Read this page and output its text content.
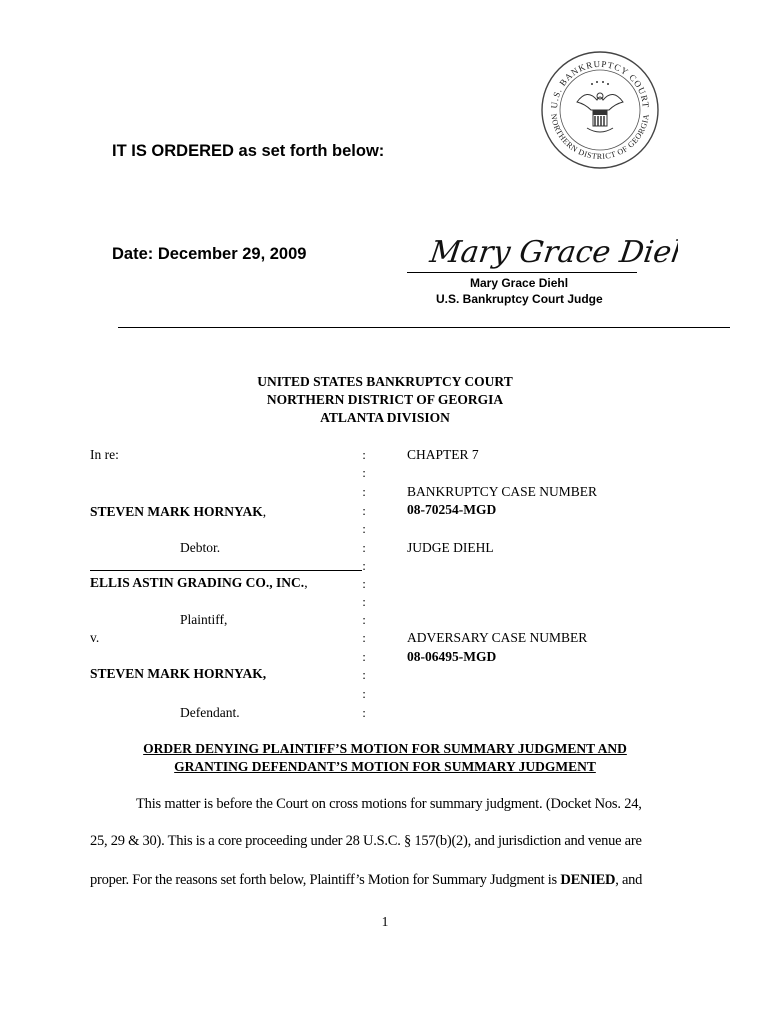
U.S. BANKRUPTCY COURT
NORTHERN DISTRICT OF GEORGIA
IT IS ORDERED as set forth below:
Date: December 29, 2009	Mary Grace Diehl
Mary Grace Diehl
U.S. Bankruptcy Court Judge
UNITED STATES BANKRUPTCY COURT
NORTHERN DISTRICT OF GEORGIA
ATLANTA DIVISION
In re:
STEVEN MARK HORNYAK,
Debtor.
ELLIS ASTIN GRADING CO., INC.,
Plaintiff,
v.
STEVEN MARK HORNYAK,
Defendant.
:
:
:
:
:
:
:
:
:
:
:
:
:
:
:
CHAPTER 7
BANKRUPTCY CASE NUMBER
08-70254-MGD
JUDGE DIEHL
ADVERSARY CASE NUMBER
08-06495-MGD
ORDER DENYING PLAINTIFF’S MOTION FOR SUMMARY JUDGMENT AND
GRANTING DEFENDANT’S MOTION FOR SUMMARY JUDGMENT
This matter is before the Court on cross motions for summary judgment. (Docket Nos. 24,
25, 29 & 30). This is a core proceeding under 28 U.S.C. § 157(b)(2), and jurisdiction and venue are
proper. For the reasons set forth below, Plaintiff’s Motion for Summary Judgment is DENIED, and
1
